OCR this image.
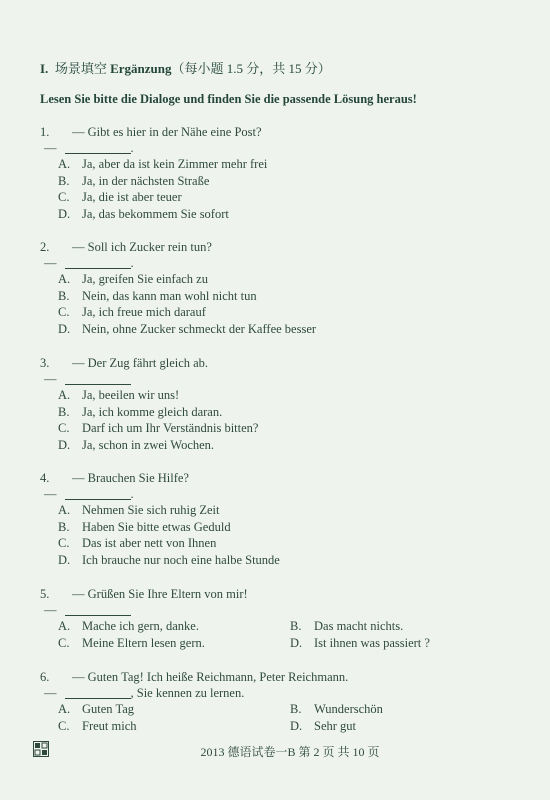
I. 场景填空 Ergänzung（每小题 1.5 分，共 15 分）
Lesen Sie bitte die Dialoge und finden Sie die passende Lösung heraus!
1. — Gibt es hier in der Nähe eine Post?
—	.
A. Ja, aber da ist kein Zimmer mehr frei
B. Ja, in der nächsten Straße
C. Ja, die ist aber teuer
D. Ja, das bekommem Sie sofort
2. — Soll ich Zucker rein tun?
—	.
A. Ja, greifen Sie einfach zu
B. Nein, das kann man wohl nicht tun
C. Ja, ich freue mich darauf
D. Nein, ohne Zucker schmeckt der Kaffee besser
3. — Der Zug fährt gleich ab.
—
A. Ja, beeilen wir uns!
B. Ja, ich komme gleich daran.
C. Darf ich um Ihr Verständnis bitten?
D. Ja, schon in zwei Wochen.
4. — Brauchen Sie Hilfe?
—	.
A. Nehmen Sie sich ruhig Zeit
B. Haben Sie bitte etwas Geduld
C. Das ist aber nett von Ihnen
D. Ich brauche nur noch eine halbe Stunde
5. — Grüßen Sie Ihre Eltern von mir!
—
A. Mache ich gern, danke.	B. Das macht nichts.
C. Meine Eltern lesen gern.	D. Ist ihnen was passiert ?
6. — Guten Tag! Ich heiße Reichmann, Peter Reichmann.
—	, Sie kennen zu lernen.
A. Guten Tag	B. Wunderschön
C. Freut mich	D. Sehr gut
2013 德语试卷一B 第 2 页 共 10 页
